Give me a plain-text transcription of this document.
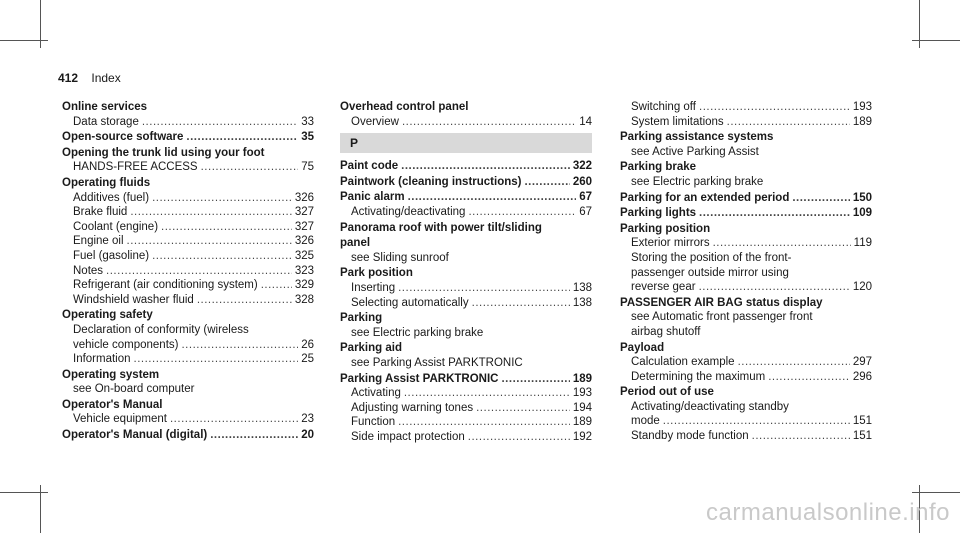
412 Index
Online services
Data storage .....	33
Open-source software .....	35
Opening the trunk lid using your foot
HANDS-FREE ACCESS .....	75
Operating fluids
Additives (fuel) .....	326
Brake fluid .....	327
Coolant (engine) .....	327
Engine oil .....	326
Fuel (gasoline) .....	325
Notes .....	323
Refrigerant (air conditioning system) .....	329
Windshield washer fluid .....	328
Operating safety
Declaration of conformity (wireless
vehicle components) .....	26
Information .....	25
Operating system
see On-board computer
Operator's Manual
Vehicle equipment .....	23
Operator's Manual (digital) .....	20
Overhead control panel
Overview .....	14
P
Paint code .....	322
Paintwork (cleaning instructions) .....	260
Panic alarm .....	67
Activating/deactivating .....	67
Panorama roof with power tilt/sliding
panel
see Sliding sunroof
Park position
Inserting .....	138
Selecting automatically .....	138
Parking
see Electric parking brake
Parking aid
see Parking Assist PARKTRONIC
Parking Assist PARKTRONIC .....	189
Activating .....	193
Adjusting warning tones .....	194
Function .....	189
Side impact protection .....	192
Switching off .....	193
System limitations .....	189
Parking assistance systems
see Active Parking Assist
Parking brake
see Electric parking brake
Parking for an extended period .....	150
Parking lights .....	109
Parking position
Exterior mirrors .....	119
Storing the position of the front-
passenger outside mirror using
reverse gear .....	120
PASSENGER AIR BAG status display
see Automatic front passenger front
airbag shutoff
Payload
Calculation example .....	297
Determining the maximum .....	296
Period out of use
Activating/deactivating standby
mode .....	151
Standby mode function .....	151
carmanualsonline.info
